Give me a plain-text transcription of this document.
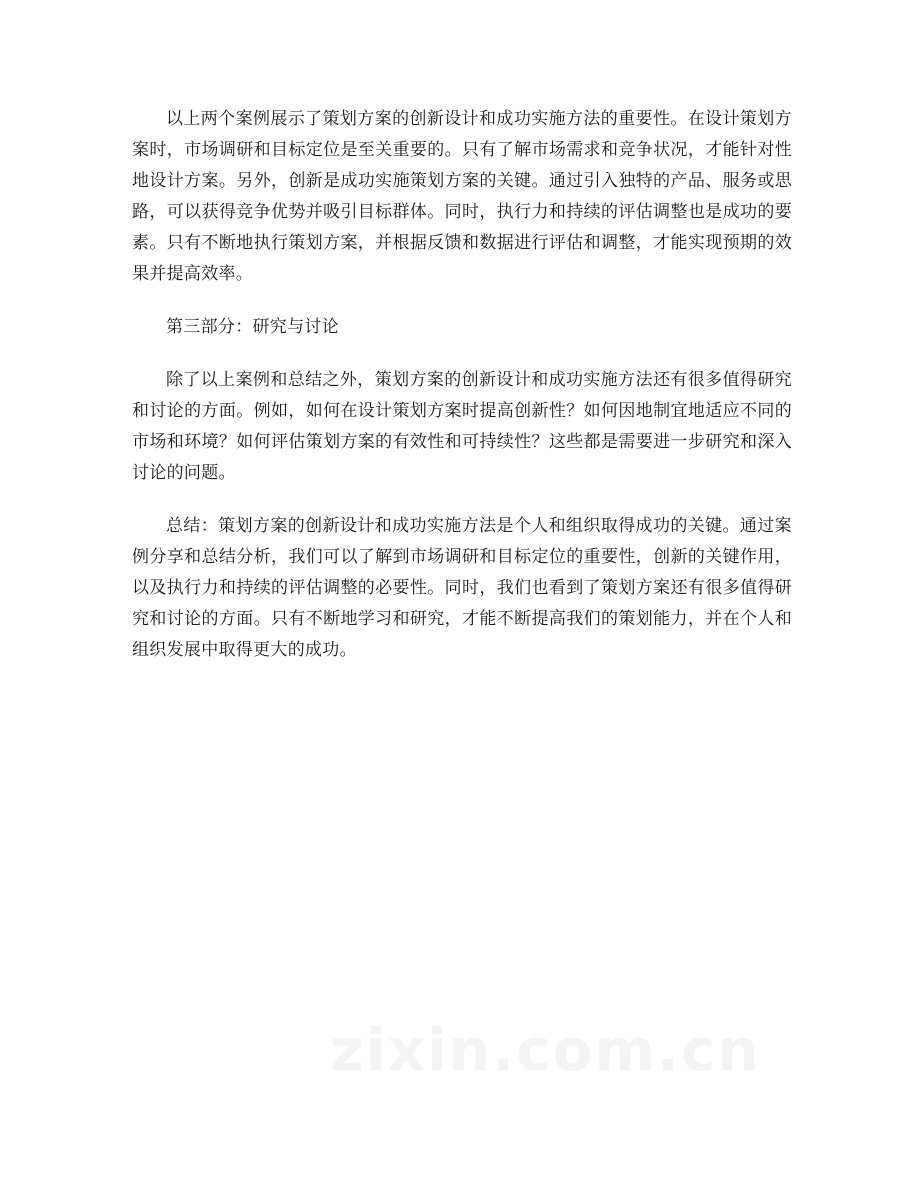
以上两个案例展示了策划方案的创新设计和成功实施方法的重要性。在设计策划方案时，市场调研和目标定位是至关重要的。只有了解市场需求和竞争状况，才能针对性地设计方案。另外，创新是成功实施策划方案的关键。通过引入独特的产品、服务或思路，可以获得竞争优势并吸引目标群体。同时，执行力和持续的评估调整也是成功的要素。只有不断地执行策划方案，并根据反馈和数据进行评估和调整，才能实现预期的效果并提高效率。

第三部分：研究与讨论

除了以上案例和总结之外，策划方案的创新设计和成功实施方法还有很多值得研究和讨论的方面。例如，如何在设计策划方案时提高创新性？如何因地制宜地适应不同的市场和环境？如何评估策划方案的有效性和可持续性？这些都是需要进一步研究和深入讨论的问题。

总结：策划方案的创新设计和成功实施方法是个人和组织取得成功的关键。通过案例分享和总结分析，我们可以了解到市场调研和目标定位的重要性，创新的关键作用，以及执行力和持续的评估调整的必要性。同时，我们也看到了策划方案还有很多值得研究和讨论的方面。只有不断地学习和研究，才能不断提高我们的策划能力，并在个人和组织发展中取得更大的成功。
